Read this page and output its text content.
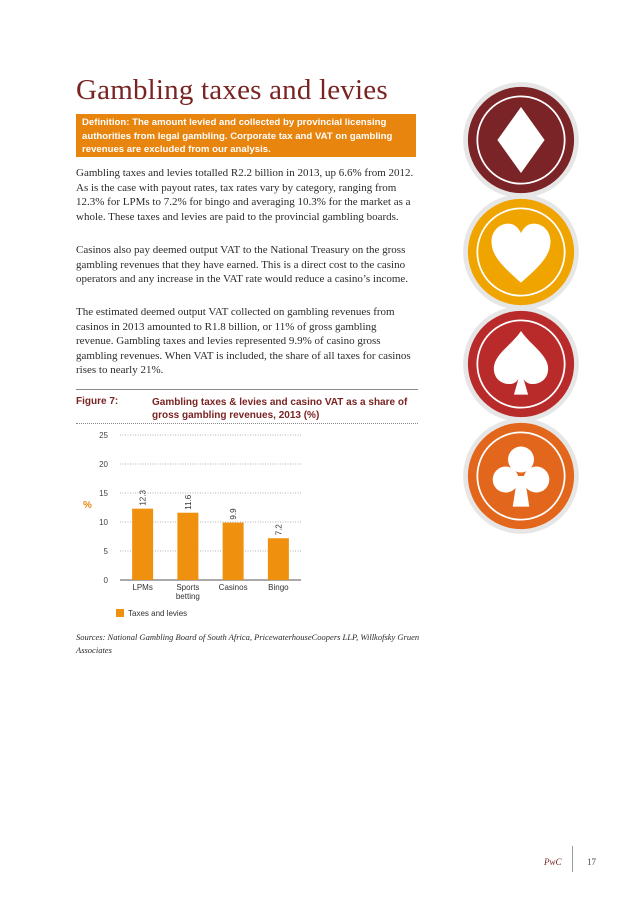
Gambling taxes and levies
Definition: The amount levied and collected by provincial licensing authorities from legal gambling. Corporate tax and VAT on gambling revenues are excluded from our analysis.

Gambling taxes and levies totalled R2.2 billion in 2013, up 6.6% from 2012. As is the case with payout rates, tax rates vary by category, ranging from 12.3% for LPMs to 7.2% for bingo and averaging 10.3% for the market as a whole. These taxes and levies are paid to the provincial gambling boards.

Casinos also pay deemed output VAT to the National Treasury on the gross gambling revenues that they have earned. This is a direct cost to the casino operators and any increase in the VAT rate would reduce a casino’s income.

The estimated deemed output VAT collected on gambling revenues from casinos in 2013 amounted to R1.8 billion, or 11% of gross gambling revenue. Gambling taxes and levies represented 9.9% of casino gross gambling revenues. When VAT is included, the share of all taxes for casinos rises to nearly 21%.

Figure 7:	Gambling taxes & levies and casino VAT as a share of gross gambling revenues, 2013 (%)
0
5
10
15
20
25
12.3	11.6
9.9
7.2
LPMs	Sports
betting
Casinos	Bingo
%
Taxes and levies
Sources: National Gambling Board of South Africa, PricewaterhouseCoopers LLP, Willkofsky Gruen Associates
PwC	17
